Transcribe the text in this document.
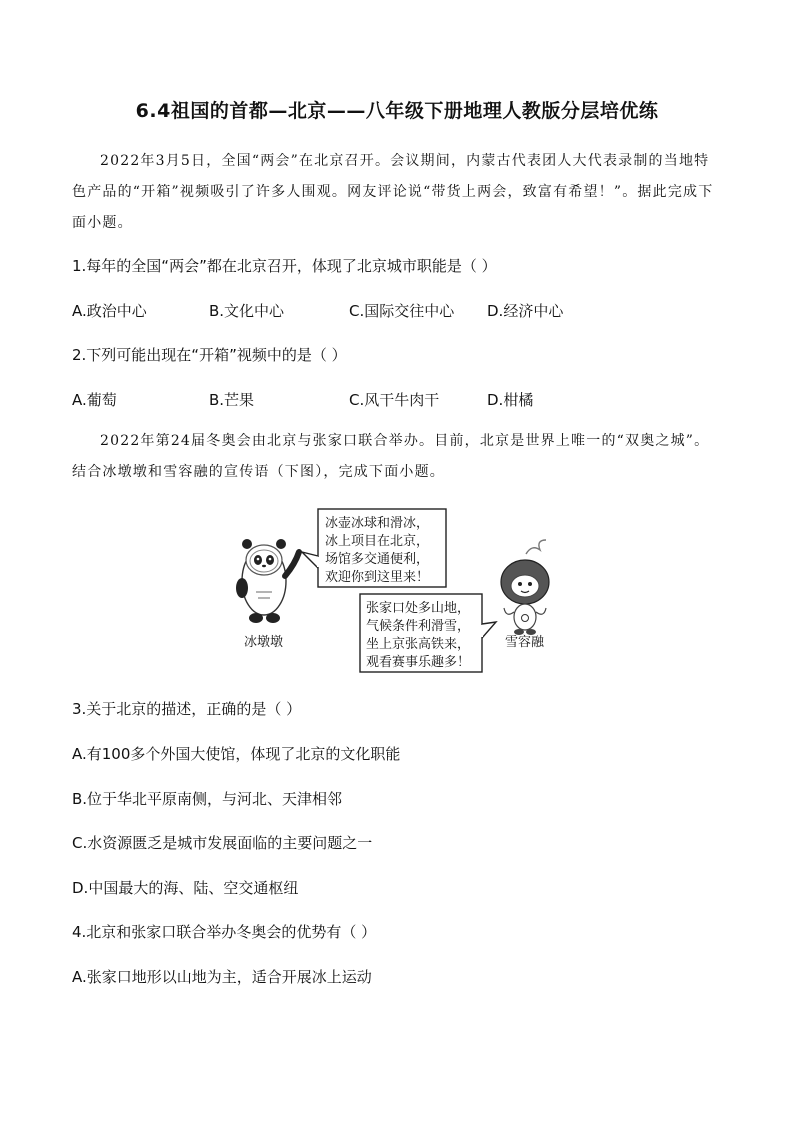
6.4祖国的首都—北京——八年级下册地理人教版分层培优练
2022年3月5日，全国“两会”在北京召开。会议期间，内蒙古代表团人大代表录制的当地特色产品的“开箱”视频吸引了许多人围观。网友评论说“带货上两会，致富有希望！”。据此完成下面小题。
1.每年的全国“两会”都在北京召开，体现了北京城市职能是（ ）
A.政治中心	B.文化中心	C.国际交往中心 D.经济中心
2.下列可能出现在“开箱”视频中的是（ ）
A.葡萄	B.芒果	C.风干牛肉干	D.柑橘
2022年第24届冬奥会由北京与张家口联合举办。目前，北京是世界上唯一的“双奥之城”。结合冰墩墩和雪容融的宣传语（下图），完成下面小题。
冰墩墩
冰壶冰球和滑冰，
冰上项目在北京，
场馆多交通便利，
欢迎你到这里来！
张家口处多山地，
气候条件利滑雪，
坐上京张高铁来，
观看赛事乐趣多！
雪容融
3.关于北京的描述，正确的是（ ）
A.有100多个外国大使馆，体现了北京的文化职能
B.位于华北平原南侧，与河北、天津相邻
C.水资源匮乏是城市发展面临的主要问题之一
D.中国最大的海、陆、空交通枢纽
4.北京和张家口联合举办冬奥会的优势有（ ）
A.张家口地形以山地为主，适合开展冰上运动
